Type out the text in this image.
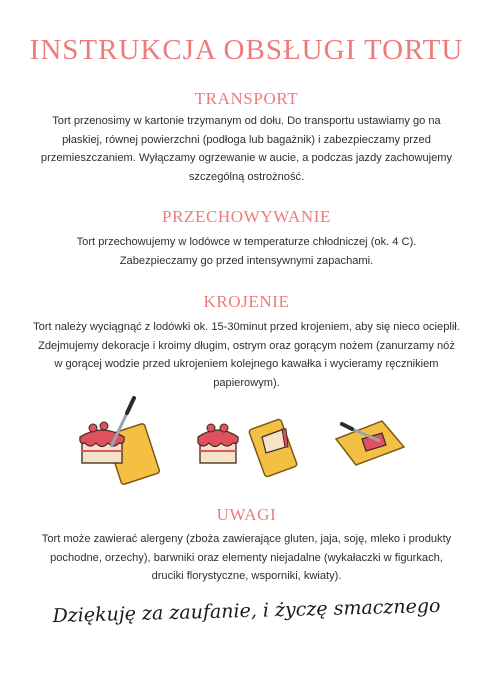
INSTRUKCJA OBSŁUGI TORTU
TRANSPORT
Tort przenosimy w kartonie trzymanym od dołu. Do transportu ustawiamy go na
płaskiej, równej powierzchni (podłoga lub bagażnik) i zabezpieczamy przed
przemieszczaniem. Wyłączamy ogrzewanie w aucie, a podczas jazdy zachowujemy
szczególną ostrożność.
PRZECHOWYWANIE
Tort przechowujemy w lodówce w temperaturze chłodniczej (ok. 4 C).
Zabezpieczamy go przed intensywnymi zapachami.
KROJENIE
Tort należy wyciągnąć z lodówki ok. 15-30minut przed krojeniem, aby się nieco ocieplił.
Zdejmujemy dekoracje i kroimy długim, ostrym oraz gorącym nożem (zanurzamy nóż
w gorącej wodzie przed ukrojeniem kolejnego kawałka i wycieramy ręcznikiem
papierowym).
UWAGI
Tort może zawierać alergeny (zboża zawierające gluten, jaja, soję, mleko i produkty
pochodne, orzechy), barwniki oraz elementy niejadalne (wykałaczki w figurkach,
druciki florystyczne, wsporniki, kwiaty).
Dziękuję za zaufanie, i życzę smacznego
